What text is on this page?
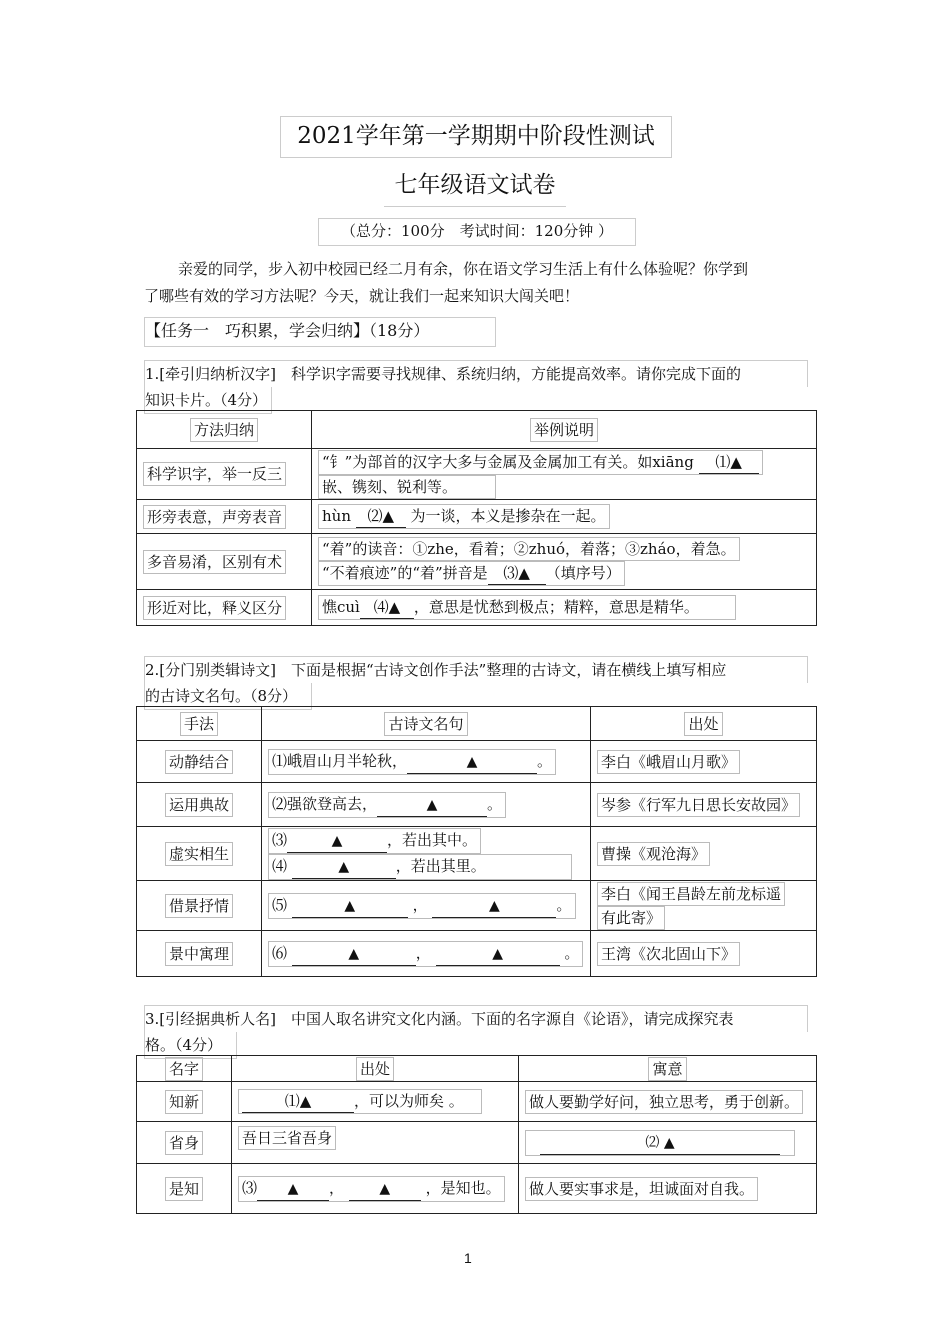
2021学年第一学期期中阶段性测试
七年级语文试卷
（总分：100分　考试时间：120分钟 ）
亲爱的同学，步入初中校园已经二月有余，你在语文学习生活上有什么体验呢？你学到
了哪些有效的学习方法呢？今天，就让我们一起来知识大闯关吧！
【任务一　巧积累，学会归纳】（18分）
1.[牵引归纳析汉字]　科学识字需要寻找规律、系统归纳，方能提高效率。请你完成下面的
知识卡片。（4分）
方法归纳	举例说明
科学识字，举一反三	“钅”为部首的汉字大多与金属及金属加工有关。如xiāng ⑴▲
嵌、镌刻、锐利等。
形旁表意，声旁表音	hùn ⑵▲ 为一谈，本义是掺杂在一起。
多音易淆，区别有术	“着”的读音：①zhe，看着；②zhuó，着落；③zháo，着急。
“不着痕迹”的“着”拼音是 ⑶▲ （填序号）
形近对比，释义区分	憔cuì ⑷▲ ，意思是忧愁到极点；精粹，意思是精华。
2.[分门别类辑诗文]　下面是根据“古诗文创作手法”整理的古诗文，请在横线上填写相应
的古诗文名句。（8分）
手法	古诗文名句	出处
动静结合	⑴峨眉山月半轮秋， ▲ 。	李白《峨眉山月歌》
运用典故	⑵强欲登高去， ▲ 。	岑参《行军九日思长安故园》
虚实相生	⑶ ▲ ，若出其中。
⑷ ▲ ，若出其里。	曹操《观沧海》
借景抒情	⑸ ▲ ， ▲ 。	李白《闻王昌龄左前龙标遥
有此寄》
景中寓理	⑹ ▲ ， ▲ 。	王湾《次北固山下》
3.[引经据典析人名]　中国人取名讲究文化内涵。下面的名字源自《论语》，请完成探究表
格。（4分）
名字	出处	寓意
知新	⑴▲ ，可以为师矣 。	做人要勤学好问，独立思考，勇于创新。
省身	吾日三省吾身	⑵ ▲
是知	⑶ ▲ ， ▲ ，是知也。	做人要实事求是，坦诚面对自我。
1
